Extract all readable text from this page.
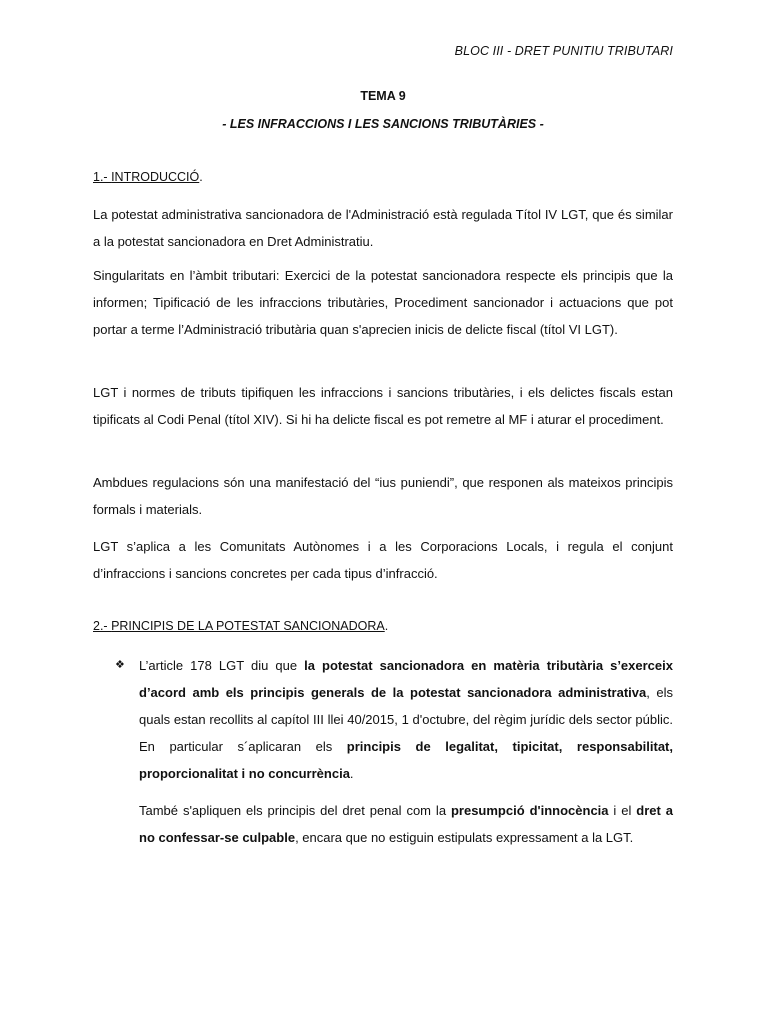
BLOC III - DRET PUNITIU TRIBUTARI
TEMA 9
- LES INFRACCIONS I LES SANCIONS TRIBUTÀRIES -
1.- INTRODUCCIÓ.
La potestat administrativa sancionadora de l'Administració està regulada Títol IV LGT, que és similar a la potestat sancionadora en Dret Administratiu.
Singularitats en l’àmbit tributari: Exercici de la potestat sancionadora respecte els principis que la informen; Tipificació de les infraccions tributàries, Procediment sancionador i actuacions que pot portar a terme l’Administració tributària quan s'aprecien inicis de delicte fiscal (títol VI LGT).
LGT i normes de tributs tipifiquen les infraccions i sancions tributàries, i els delictes fiscals estan tipificats al Codi Penal (títol XIV). Si hi ha delicte fiscal es pot remetre al MF i aturar el procediment.
Ambdues regulacions són una manifestació del “ius puniendi”, que responen als mateixos principis formals i materials.
LGT s’aplica a les Comunitats Autònomes i a les Corporacions Locals, i regula el conjunt d’infraccions i sancions concretes per cada tipus d’infracció.
2.- PRINCIPIS DE LA POTESTAT SANCIONADORA.
❖ L’article 178 LGT diu que la potestat sancionadora en matèria tributària s’exerceix d’acord amb els principis generals de la potestat sancionadora administrativa, els quals estan recollits al capítol III llei 40/2015, 1 d'octubre, del règim jurídic dels sector públic. En particular s´aplicaran els principis de legalitat, tipicitat, responsabilitat, proporcionalitat i no concurrència.
També s'apliquen els principis del dret penal com la presumpció d'innocència i el dret a no confessar-se culpable, encara que no estiguin estipulats expressament a la LGT.
